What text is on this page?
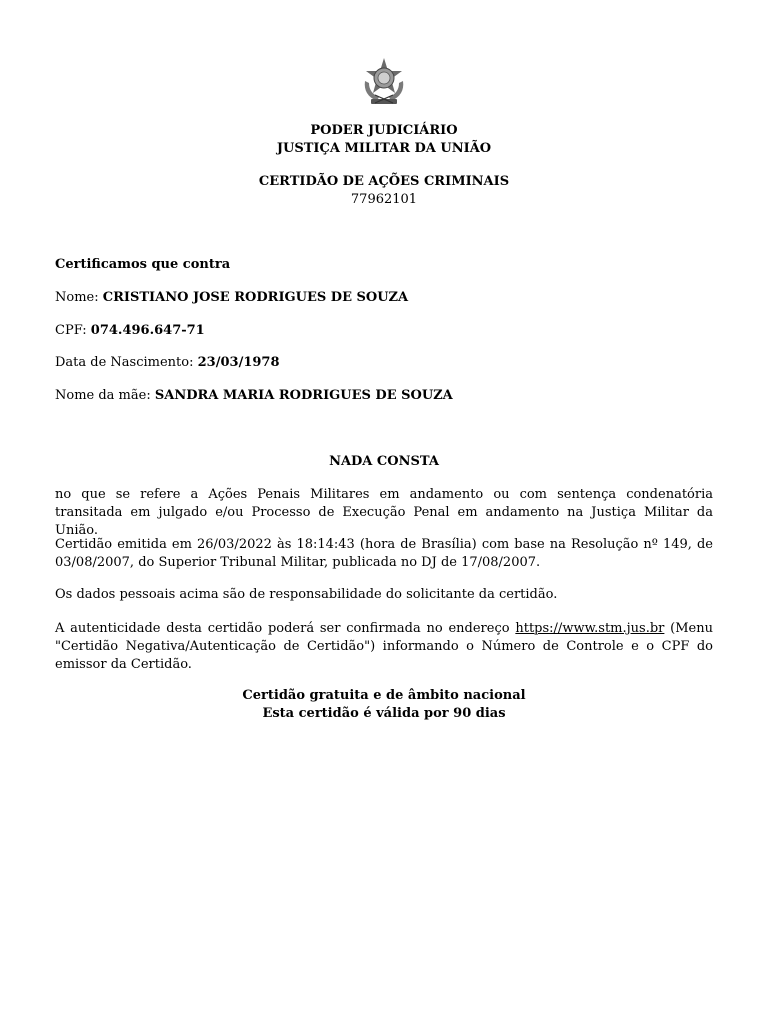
PODER JUDICIÁRIO
JUSTIÇA MILITAR DA UNIÃO
CERTIDÃO DE AÇÕES CRIMINAIS
77962101
Certificamos que contra
Nome: CRISTIANO JOSE RODRIGUES DE SOUZA
CPF: 074.496.647-71
Data de Nascimento: 23/03/1978
Nome da mãe: SANDRA MARIA RODRIGUES DE SOUZA
NADA CONSTA
no que se refere a Ações Penais Militares em andamento ou com sentença condenatória transitada em julgado e/ou Processo de Execução Penal em andamento na Justiça Militar da União.
Certidão emitida em 26/03/2022 às 18:14:43 (hora de Brasília) com base na Resolução nº 149, de 03/08/2007, do Superior Tribunal Militar, publicada no DJ de 17/08/2007.
Os dados pessoais acima são de responsabilidade do solicitante da certidão.
A autenticidade desta certidão poderá ser confirmada no endereço https://www.stm.jus.br (Menu "Certidão Negativa/Autenticação de Certidão") informando o Número de Controle e o CPF do emissor da Certidão.
Certidão gratuita e de âmbito nacional
Esta certidão é válida por 90 dias
